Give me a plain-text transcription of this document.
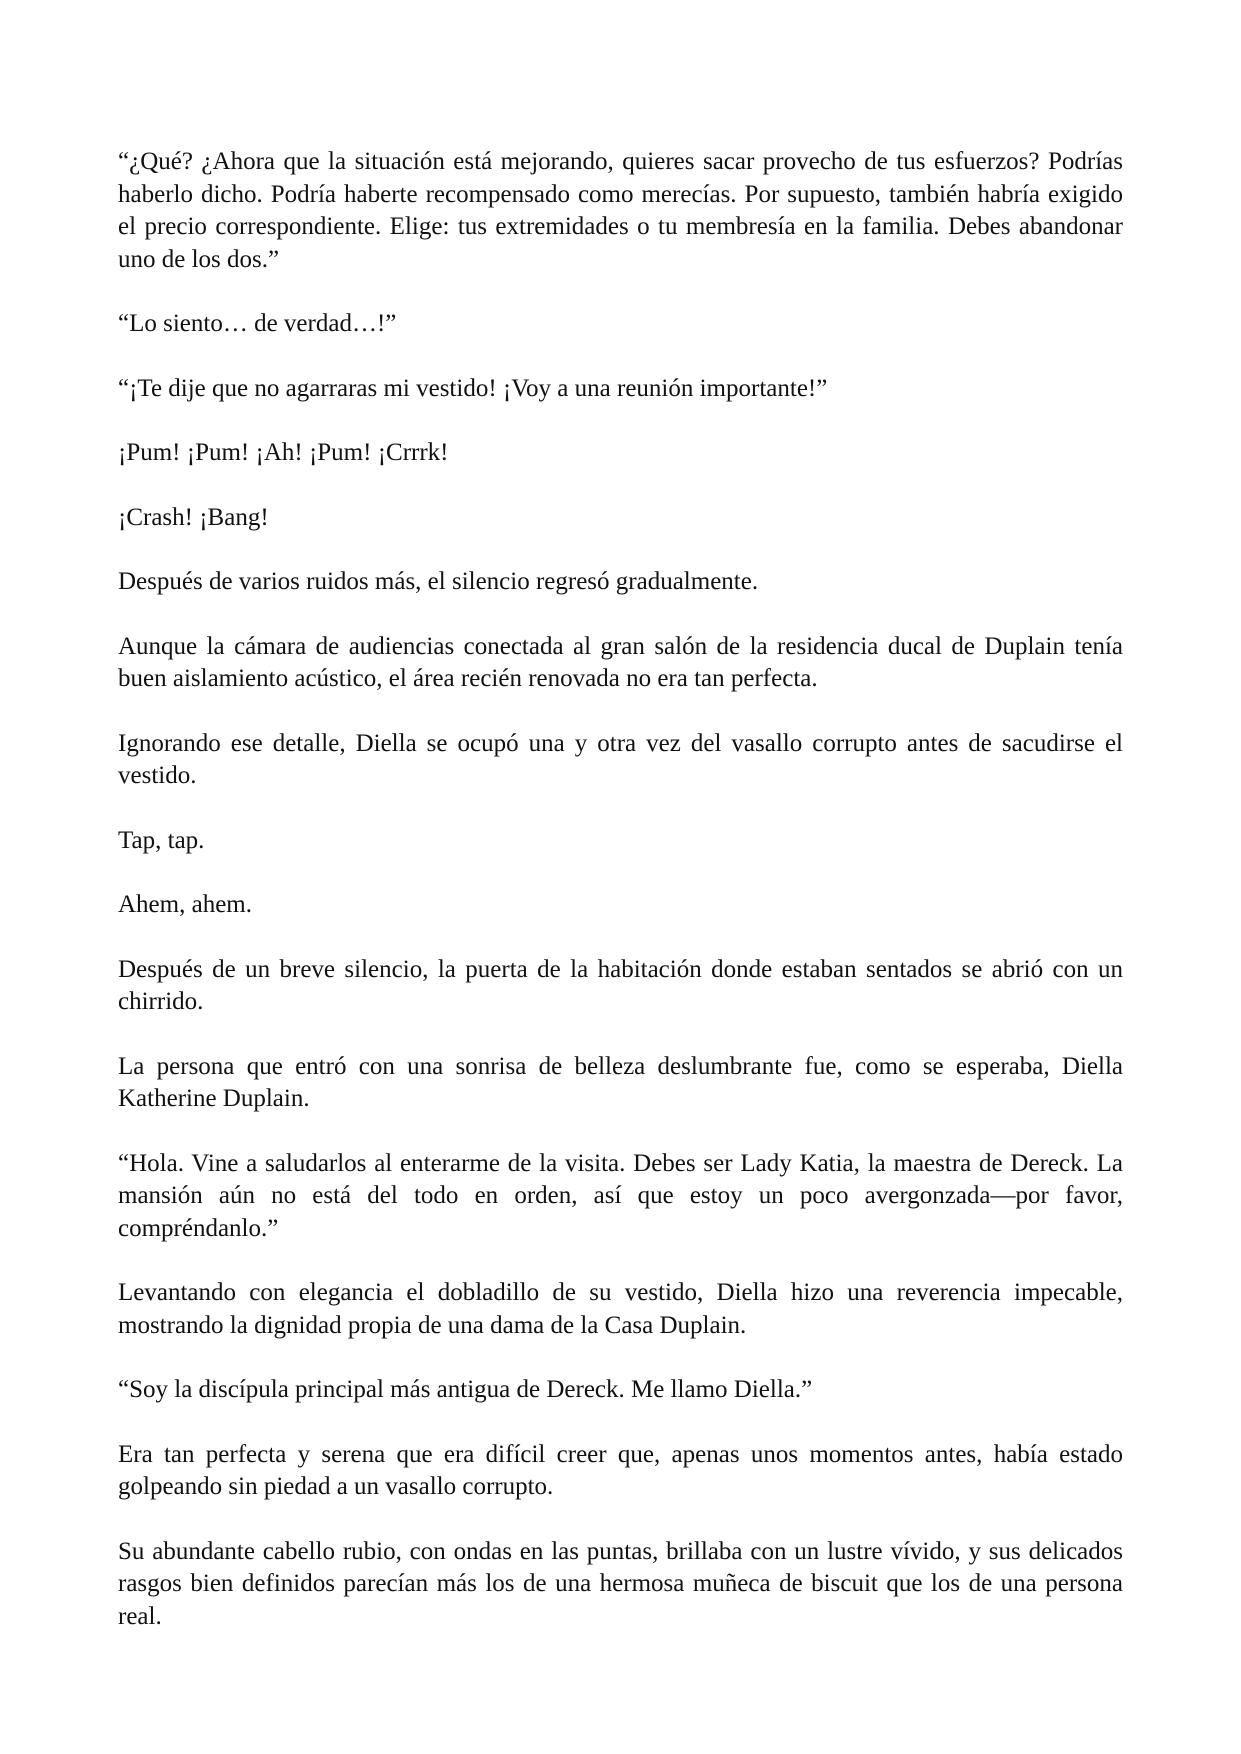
“¿Qué? ¿Ahora que la situación está mejorando, quieres sacar provecho de tus esfuerzos? Podrías haberlo dicho. Podría haberte recompensado como merecías. Por supuesto, también habría exigido el precio correspondiente. Elige: tus extremidades o tu membresía en la familia. Debes abandonar uno de los dos.”

“Lo siento… de verdad…!”

“¡Te dije que no agarraras mi vestido! ¡Voy a una reunión importante!”

¡Pum! ¡Pum! ¡Ah! ¡Pum! ¡Crrrk!

¡Crash! ¡Bang!

Después de varios ruidos más, el silencio regresó gradualmente.

Aunque la cámara de audiencias conectada al gran salón de la residencia ducal de Duplain tenía buen aislamiento acústico, el área recién renovada no era tan perfecta.

Ignorando ese detalle, Diella se ocupó una y otra vez del vasallo corrupto antes de sacudirse el vestido.

Tap, tap.

Ahem, ahem.

Después de un breve silencio, la puerta de la habitación donde estaban sentados se abrió con un chirrido.

La persona que entró con una sonrisa de belleza deslumbrante fue, como se esperaba, Diella Katherine Duplain.

“Hola. Vine a saludarlos al enterarme de la visita. Debes ser Lady Katia, la maestra de Dereck. La mansión aún no está del todo en orden, así que estoy un poco avergonzada—por favor, compréndanlo.”

Levantando con elegancia el dobladillo de su vestido, Diella hizo una reverencia impecable, mostrando la dignidad propia de una dama de la Casa Duplain.

“Soy la discípula principal más antigua de Dereck. Me llamo Diella.”

Era tan perfecta y serena que era difícil creer que, apenas unos momentos antes, había estado golpeando sin piedad a un vasallo corrupto.

Su abundante cabello rubio, con ondas en las puntas, brillaba con un lustre vívido, y sus delicados rasgos bien definidos parecían más los de una hermosa muñeca de biscuit que los de una persona real.
